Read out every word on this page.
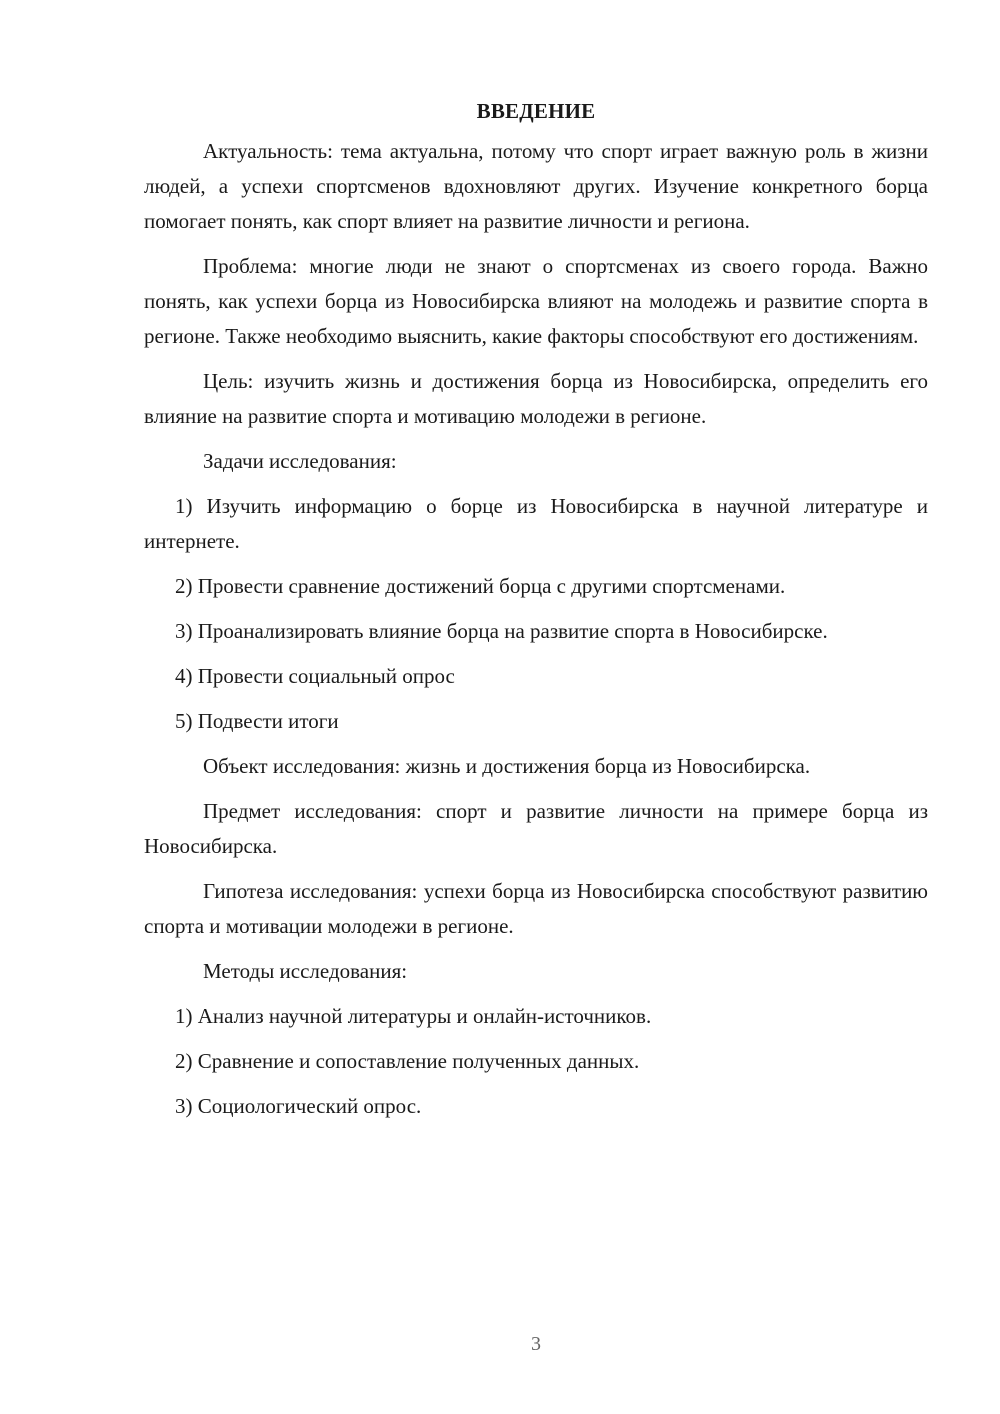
ВВЕДЕНИЕ

Актуальность: тема актуальна, потому что спорт играет важную роль в жизни людей, а успехи спортсменов вдохновляют других. Изучение конкретного борца помогает понять, как спорт влияет на развитие личности и региона.

Проблема: многие люди не знают о спортсменах из своего города. Важно понять, как успехи борца из Новосибирска влияют на молодежь и развитие спорта в регионе. Также необходимо выяснить, какие факторы способствуют его достижениям.

Цель: изучить жизнь и достижения борца из Новосибирска, определить его влияние на развитие спорта и мотивацию молодежи в регионе.

Задачи исследования:

1) Изучить информацию о борце из Новосибирска в научной литературе и интернете.

2) Провести сравнение достижений борца с другими спортсменами.

3) Проанализировать влияние борца на развитие спорта в Новосибирске.

4) Провести социальный опрос

5) Подвести итоги

Объект исследования: жизнь и достижения борца из Новосибирска.

Предмет исследования: спорт и развитие личности на примере борца из Новосибирска.

Гипотеза исследования: успехи борца из Новосибирска способствуют развитию спорта и мотивации молодежи в регионе.

Методы исследования:

1) Анализ научной литературы и онлайн-источников.

2) Сравнение и сопоставление полученных данных.

3) Социологический опрос.

3
